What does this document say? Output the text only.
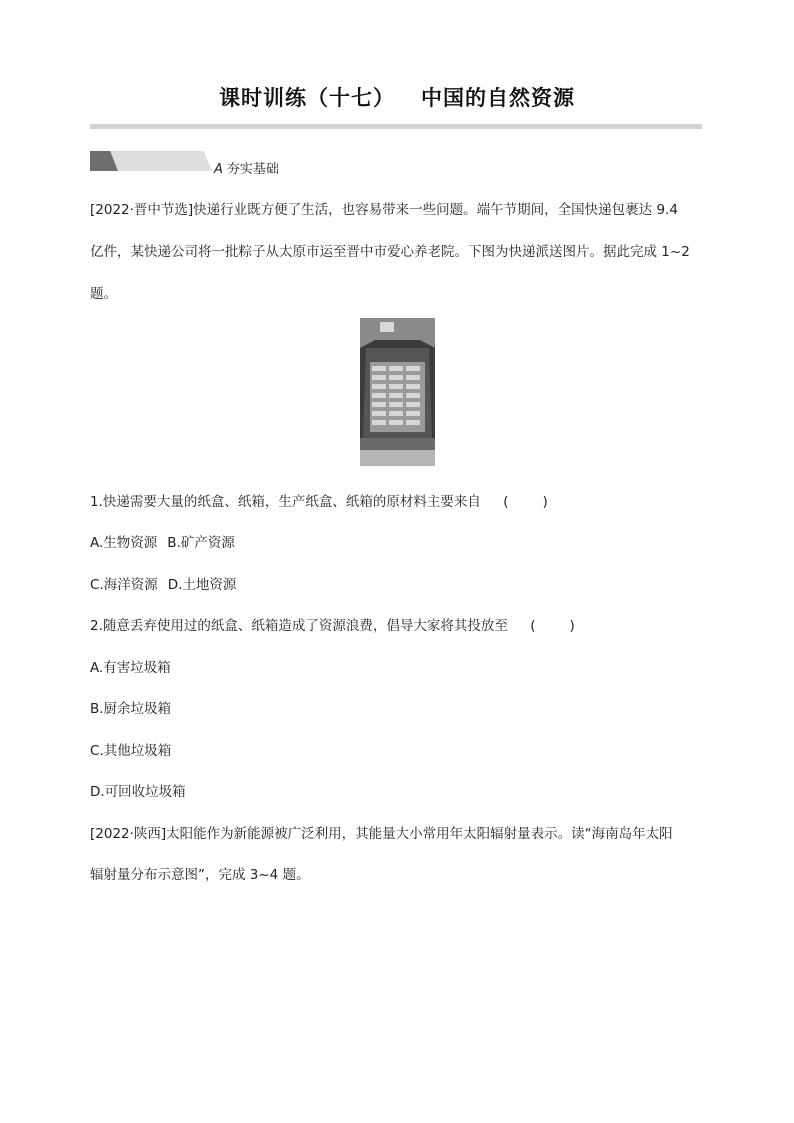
课时训练（十七） 中国的自然资源
A 夯实基础
[2022·晋中节选]快递行业既方便了生活，也容易带来一些问题。端午节期间，全国快递包裹达 9.4
亿件，某快递公司将一批粽子从太原市运至晋中市爱心养老院。下图为快递派送图片。据此完成 1~2
题。
1.快递需要大量的纸盒、纸箱，生产纸盒、纸箱的原材料主要来自 (	)
A.生物资源 B.矿产资源
C.海洋资源 D.土地资源
2.随意丢弃使用过的纸盒、纸箱造成了资源浪费，倡导大家将其投放至 (	)
A.有害垃圾箱
B.厨余垃圾箱
C.其他垃圾箱
D.可回收垃圾箱
[2022·陕西]太阳能作为新能源被广泛利用，其能量大小常用年太阳辐射量表示。读“海南岛年太阳
辐射量分布示意图”，完成 3~4 题。
